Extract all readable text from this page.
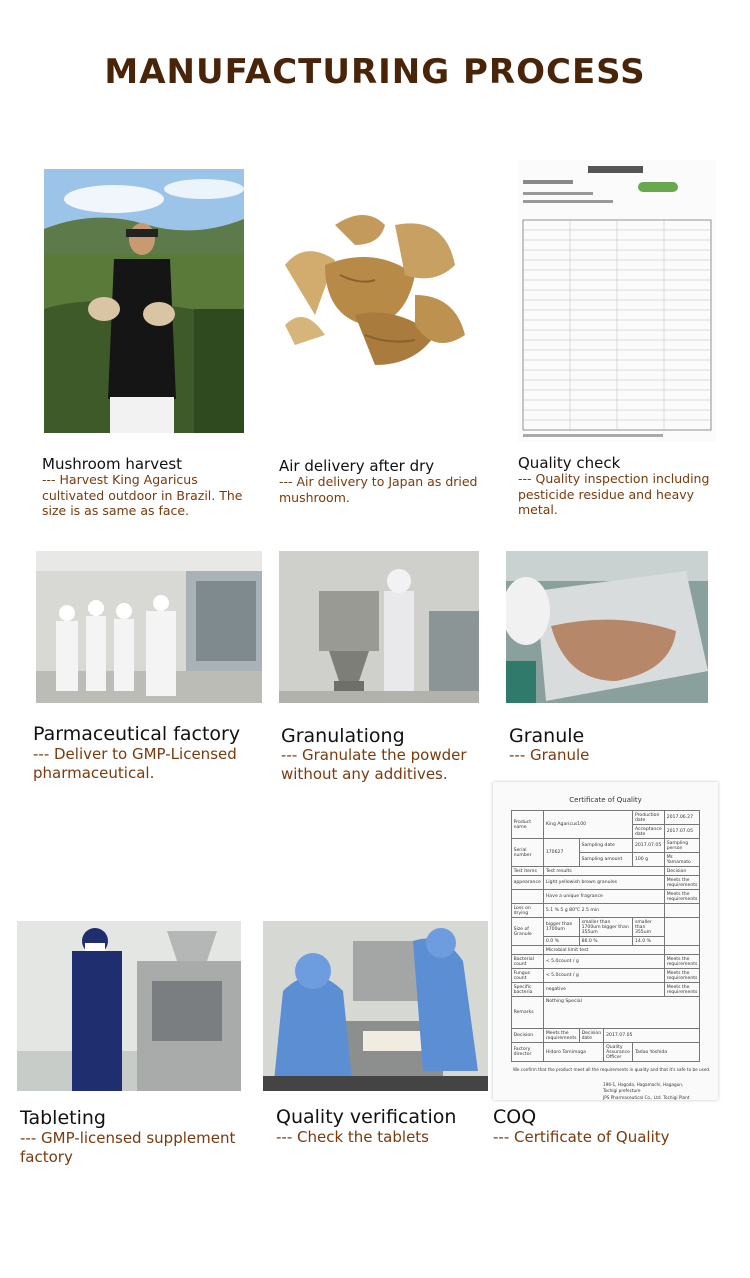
MANUFACTURING PROCESS
Mushroom harvest
--- Harvest King Agaricus cultivated outdoor in Brazil. The size is as same as face.
Air delivery after dry
--- Air delivery to Japan as dried mushroom.
Quality check
--- Quality inspection including pesticide residue and heavy metal.
Parmaceutical factory
--- Deliver to GMP-Licensed pharmaceutical.
Granulationg
--- Granulate the powder without any additives.
Granule
--- Granule
Certificate of Quality
Product name	King Agaricus100			Production date	2017.06.27
				Acceptance date	2017.07.05
Serial number	170627	Sampling date		2017.07.05	Sampling person
		Sampling amount		100 g	Mr. Yamamoto
Test items	Test results				Decision
appearance	Light yellowish brown granules				Meets the requirements
	Have a unique fragrance				Meets the requirements
Loss on drying	5.1 % 5 g 80℃ 2.5 min				
Size of Granule	bigger than 1700um	smaller than 1700um bigger than 355um		smaller than 355um	
	0.0 %	86.0 %		14.0 %	
	Microbial limit test				
Bacterial count	< 5.0count / g				Meets the requirements
Fungus count	< 5.0count / g				Meets the requirements
Specific bacteria	negative				Meets the requirements
Remarks	Nothing Special				
Decision	Meets the requirements	Decision date	2017.07.05		
Factory director	Hidoro Tomimaga		Quality Assurance Officer	Tadao Yoshida	
We confirm that the product meet all the requirements in quality and that it's safe to be used.
196-1, Hagoda, Hagamachi, Hagagun,
Tochigi prefecture
JPS Pharmaceutical Co., Ltd. Tochigi Plant
Tableting
--- GMP-licensed supplement factory
Quality verification
--- Check the tablets
COQ
--- Certificate of Quality
